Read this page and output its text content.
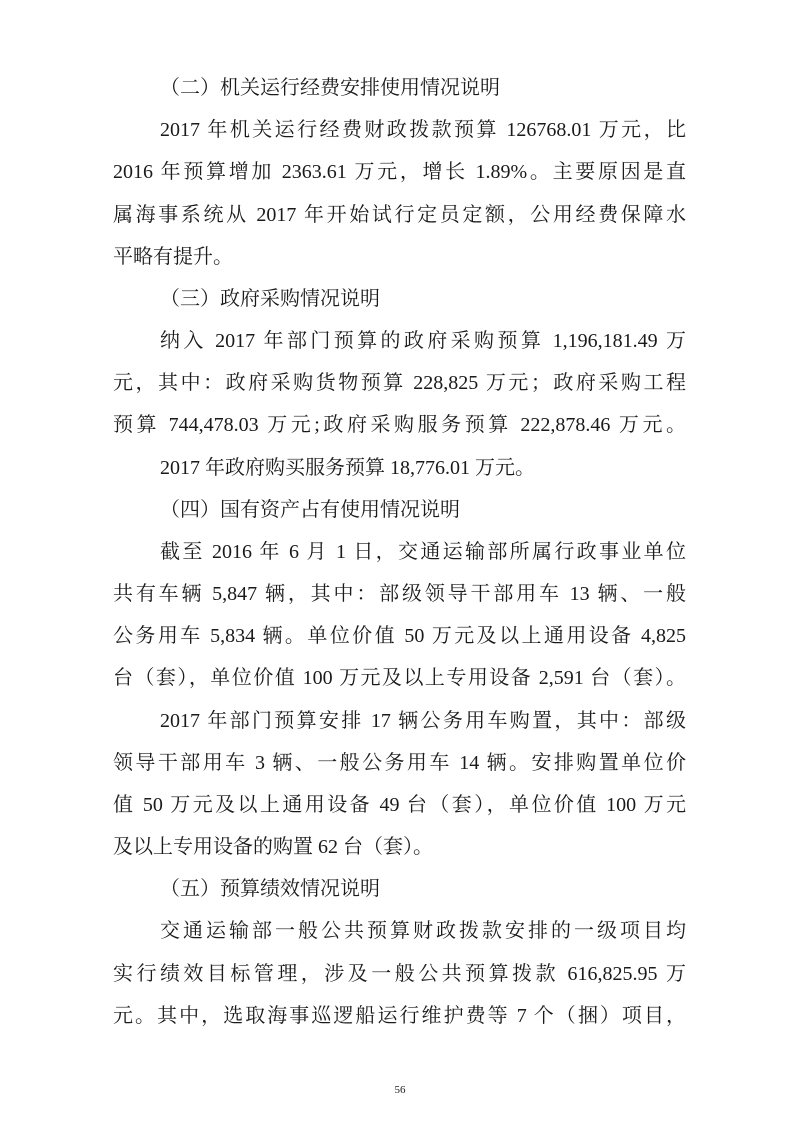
（二）机关运行经费安排使用情况说明
2017 年机关运行经费财政拨款预算 126768.01 万元，比
2016 年预算增加 2363.61 万元，增长 1.89%。主要原因是直
属海事系统从 2017 年开始试行定员定额，公用经费保障水
平略有提升。
（三）政府采购情况说明
纳入 2017 年部门预算的政府采购预算 1,196,181.49 万
元，其中：政府采购货物预算 228,825 万元；政府采购工程
预算 744,478.03 万元;政府采购服务预算 222,878.46 万元。
2017 年政府购买服务预算 18,776.01 万元。
（四）国有资产占有使用情况说明
截至 2016 年 6 月 1 日，交通运输部所属行政事业单位
共有车辆 5,847 辆，其中：部级领导干部用车 13 辆、一般
公务用车 5,834 辆。单位价值 50 万元及以上通用设备 4,825
台（套），单位价值 100 万元及以上专用设备 2,591 台（套）。
2017 年部门预算安排 17 辆公务用车购置，其中：部级
领导干部用车 3 辆、一般公务用车 14 辆。安排购置单位价
值 50 万元及以上通用设备 49 台（套），单位价值 100 万元
及以上专用设备的购置 62 台（套）。
（五）预算绩效情况说明
交通运输部一般公共预算财政拨款安排的一级项目均
实行绩效目标管理，涉及一般公共预算拨款 616,825.95 万
元。其中，选取海事巡逻船运行维护费等 7 个（捆）项目，
56
